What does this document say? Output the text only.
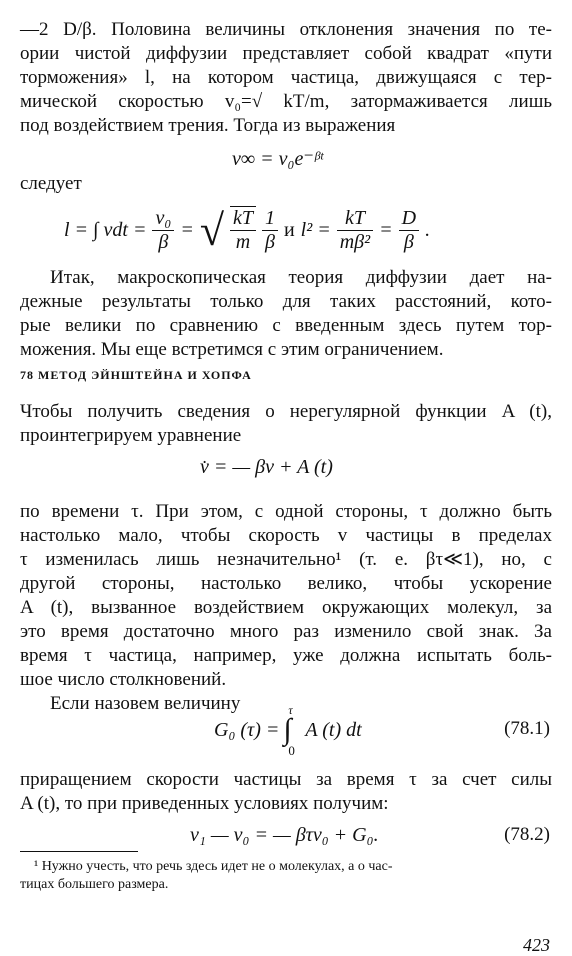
—2 D/β. Половина величины отклонения значения по те-
ории чистой диффузии представляет собой квадрат «пути
торможения» l, на котором частица, движущаяся с тер-
мической скоростью v₀=√ kT/m, затормаживается лишь
под воздействием трения. Тогда из выражения
v∞ = v₀e⁻ᵝᵗ
следует
l = ∫ vdt = $\frac{\text{v₀}}{\beta}$ = √ $\frac{kT}{m} \frac{1}{\beta}$ и $l^2 = \frac{kT}{\text{mβ²}} = \frac{D}{\beta}$ .
Итак, макроскопическая теория диффузии дает на-
дежные результаты только для таких расстояний, кото-
рые велики по сравнению с введенным здесь путем тор-
можения. Мы еще встретимся с этим ограничением.
78 МЕТОД ЭЙНШТЕЙНА И ХОПФА
Чтобы получить сведения о нерегулярной функции A (t),
проинтегрируем уравнение
v̇ = — βv + A (t)
по времени τ. При этом, с одной стороны, τ должно быть
настолько мало, чтобы скорость v частицы в пределах
τ изменилась лишь незначительно¹ (т. е. βτ≪1), но, с
другой стороны, настолько велико, чтобы ускорение
A (t), вызванное воздействием окружающих молекул, за
это время достаточно много раз изменило свой знак. За
время τ частица, например, уже должна испытать боль-
шое число столкновений.
Если назовем величину
G₀ (τ) =
τ
∫
0
A (t) dt	(78.1)
приращением скорости частицы за время τ за счет силы
A (t), то при приведенных условиях получим:
v₁ — v₀ = — βτv₀ + G₀.	(78.2)
¹ Нужно учесть, что речь здесь идет не о молекулах, а о час-
тицах большего размера.
423
